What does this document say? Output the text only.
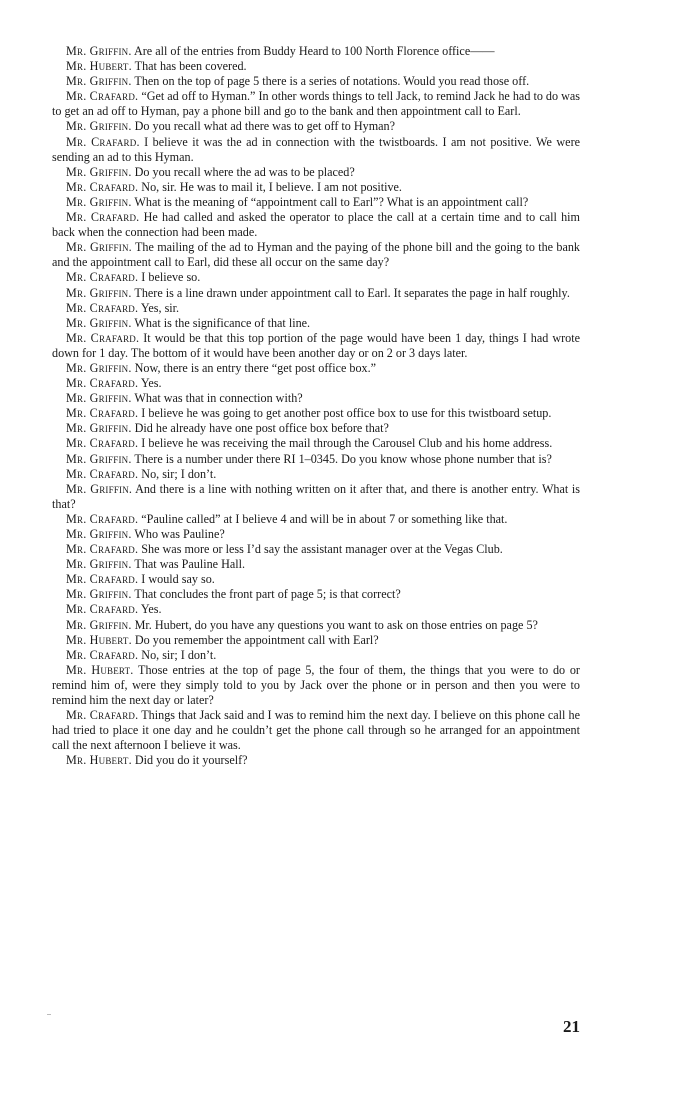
Mr. Griffin. Are all of the entries from Buddy Heard to 100 North Florence office——

Mr. Hubert. That has been covered.

Mr. Griffin. Then on the top of page 5 there is a series of notations. Would you read those off.

Mr. Crafard. “Get ad off to Hyman.” In other words things to tell Jack, to remind Jack he had to do was to get an ad off to Hyman, pay a phone bill and go to the bank and then appointment call to Earl.

Mr. Griffin. Do you recall what ad there was to get off to Hyman?

Mr. Crafard. I believe it was the ad in connection with the twistboards. I am not positive. We were sending an ad to this Hyman.

Mr. Griffin. Do you recall where the ad was to be placed?

Mr. Crafard. No, sir. He was to mail it, I believe. I am not positive.

Mr. Griffin. What is the meaning of “appointment call to Earl”? What is an appointment call?

Mr. Crafard. He had called and asked the operator to place the call at a certain time and to call him back when the connection had been made.

Mr. Griffin. The mailing of the ad to Hyman and the paying of the phone bill and the going to the bank and the appointment call to Earl, did these all occur on the same day?

Mr. Crafard. I believe so.

Mr. Griffin. There is a line drawn under appointment call to Earl. It separates the page in half roughly.

Mr. Crafard. Yes, sir.

Mr. Griffin. What is the significance of that line.

Mr. Crafard. It would be that this top portion of the page would have been 1 day, things I had wrote down for 1 day. The bottom of it would have been another day or on 2 or 3 days later.

Mr. Griffin. Now, there is an entry there “get post office box.”

Mr. Crafard. Yes.

Mr. Griffin. What was that in connection with?

Mr. Crafard. I believe he was going to get another post office box to use for this twistboard setup.

Mr. Griffin. Did he already have one post office box before that?

Mr. Crafard. I believe he was receiving the mail through the Carousel Club and his home address.

Mr. Griffin. There is a number under there RI 1–0345. Do you know whose phone number that is?

Mr. Crafard. No, sir; I don’t.

Mr. Griffin. And there is a line with nothing written on it after that, and there is another entry. What is that?

Mr. Crafard. “Pauline called” at I believe 4 and will be in about 7 or something like that.

Mr. Griffin. Who was Pauline?

Mr. Crafard. She was more or less I’d say the assistant manager over at the Vegas Club.

Mr. Griffin. That was Pauline Hall.

Mr. Crafard. I would say so.

Mr. Griffin. That concludes the front part of page 5; is that correct?

Mr. Crafard. Yes.

Mr. Griffin. Mr. Hubert, do you have any questions you want to ask on those entries on page 5?

Mr. Hubert. Do you remember the appointment call with Earl?

Mr. Crafard. No, sir; I don’t.

Mr. Hubert. Those entries at the top of page 5, the four of them, the things that you were to do or remind him of, were they simply told to you by Jack over the phone or in person and then you were to remind him the next day or later?

Mr. Crafard. Things that Jack said and I was to remind him the next day. I believe on this phone call he had tried to place it one day and he couldn’t get the phone call through so he arranged for an appointment call the next afternoon I believe it was.

Mr. Hubert. Did you do it yourself?

21
